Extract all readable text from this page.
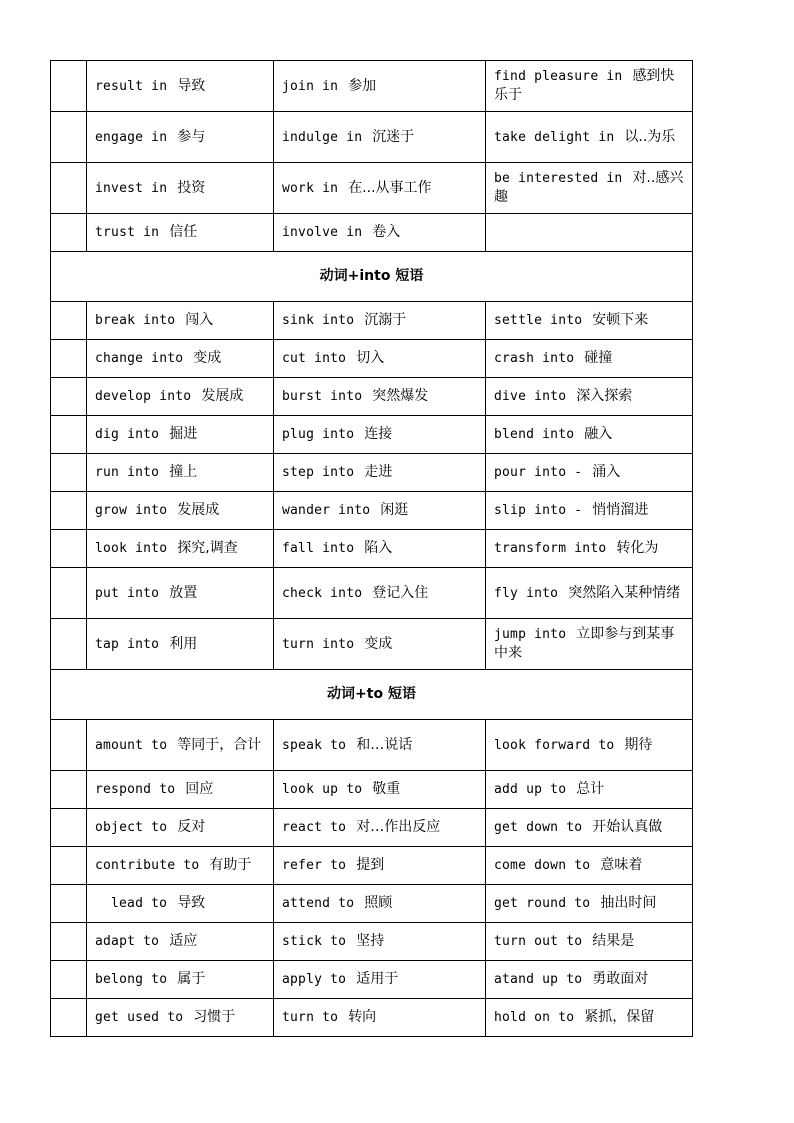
	result in 导致	join in 参加	find pleasure in 感到快乐于
	engage in 参与	indulge in 沉迷于	take delight in 以..为乐
	invest in 投资	work in 在...从事工作	be interested in 对..感兴趣
	trust in 信任	involve in 卷入	
动词+into 短语			
	break into 闯入	sink into 沉溺于	settle into 安顿下来
	change into 变成	cut into 切入	crash into 碰撞
	develop into 发展成	burst into 突然爆发	dive into 深入探索
	dig into 掘进	plug into 连接	blend into 融入
	run into 撞上	step into 走进	pour into - 涌入
	grow into 发展成	wander into 闲逛	slip into - 悄悄溜进
	look into 探究,调查	fall into 陷入	transform into 转化为
	put into 放置	check into 登记入住	fly into 突然陷入某种情绪
	tap into 利用	turn into 变成	jump into 立即参与到某事中来
动词+to 短语			
	amount to 等同于，合计	speak to 和…说话	look forward to 期待
	respond to 回应	look up to 敬重	add up to 总计
	object to 反对	react to 对…作出反应	get down to 开始认真做
	contribute to 有助于	refer to 提到	come down to 意味着
	lead to 导致	attend to 照顾	get round to 抽出时间
	adapt to 适应	stick to 坚持	turn out to 结果是
	belong to 属于	apply to 适用于	atand up to 勇敢面对
	get used to 习惯于	turn to 转向	hold on to 紧抓，保留
